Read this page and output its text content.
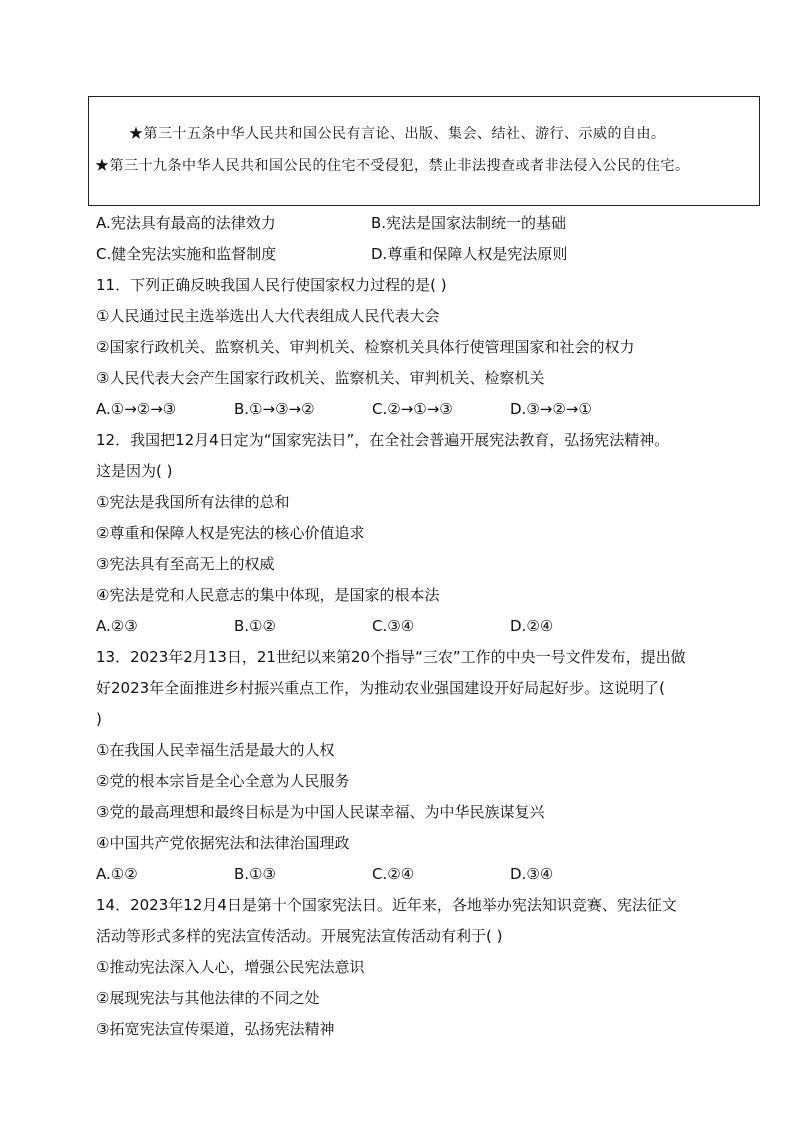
★第三十五条中华人民共和国公民有言论、出版、集会、结社、游行、示威的自由。
★第三十九条中华人民共和国公民的住宅不受侵犯，禁止非法搜查或者非法侵入公民的住宅。
A.宪法具有最高的法律效力	B.宪法是国家法制统一的基础
C.健全宪法实施和监督制度	D.尊重和保障人权是宪法原则
11．下列正确反映我国人民行使国家权力过程的是( )
①人民通过民主选举选出人大代表组成人民代表大会
②国家行政机关、监察机关、审判机关、检察机关具体行使管理国家和社会的权力
③人民代表大会产生国家行政机关、监察机关、审判机关、检察机关
A.①→②→③	B.①→③→②	C.②→①→③	D.③→②→①
12．我国把12月4日定为“国家宪法日”，在全社会普遍开展宪法教育，弘扬宪法精神。
这是因为( )
①宪法是我国所有法律的总和
②尊重和保障人权是宪法的核心价值追求
③宪法具有至高无上的权威
④宪法是党和人民意志的集中体现，是国家的根本法
A.②③	B.①②	C.③④	D.②④
13．2023年2月13日，21世纪以来第20个指导“三农”工作的中央一号文件发布，提出做
好2023年全面推进乡村振兴重点工作，为推动农业强国建设开好局起好步。这说明了(
)
①在我国人民幸福生活是最大的人权
②党的根本宗旨是全心全意为人民服务
③党的最高理想和最终目标是为中国人民谋幸福、为中华民族谋复兴
④中国共产党依据宪法和法律治国理政
A.①②	B.①③	C.②④	D.③④
14．2023年12月4日是第十个国家宪法日。近年来，各地举办宪法知识竞赛、宪法征文
活动等形式多样的宪法宣传活动。开展宪法宣传活动有利于( )
①推动宪法深入人心，增强公民宪法意识
②展现宪法与其他法律的不同之处
③拓宽宪法宣传渠道，弘扬宪法精神
